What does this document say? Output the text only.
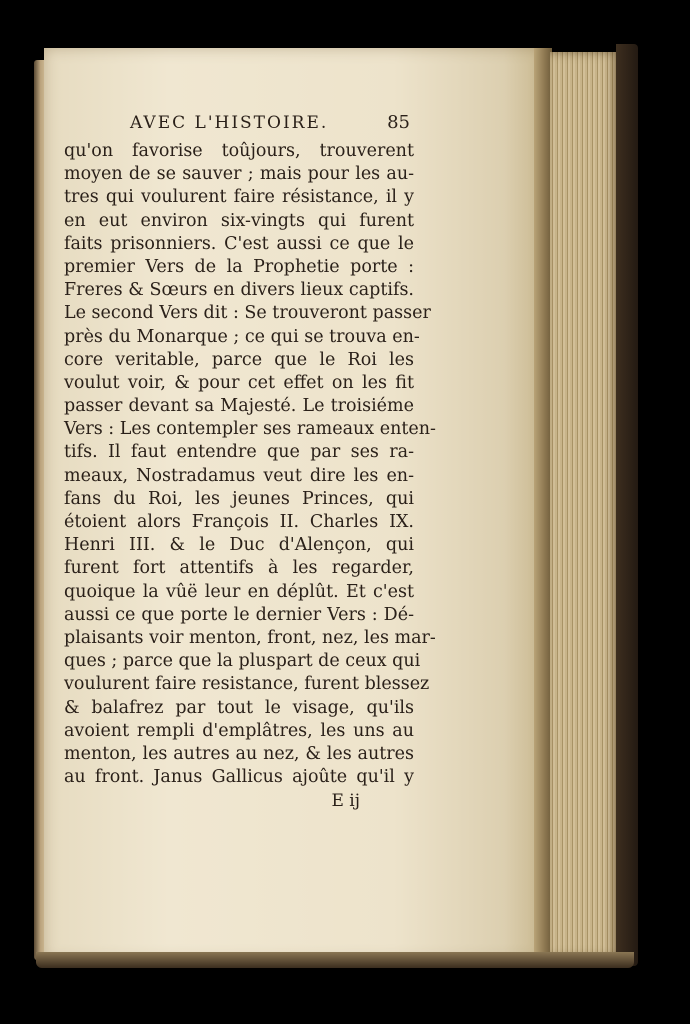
AVEC L'HISTOIRE.	85
qu'on favorise toûjours, trouverent
moyen de se sauver ; mais pour les au-
tres qui voulurent faire résistance, il y
en eut environ six-vingts qui furent
faits prisonniers. C'est aussi ce que le
premier Vers de la Prophetie porte :
Freres & Sœurs en divers lieux captifs.
Le second Vers dit : Se trouveront passer
près du Monarque ; ce qui se trouva en-
core veritable, parce que le Roi les
voulut voir, & pour cet effet on les fit
passer devant sa Majesté. Le troisiéme
Vers : Les contempler ses rameaux enten-
tifs. Il faut entendre que par ses ra-
meaux, Nostradamus veut dire les en-
fans du Roi, les jeunes Princes, qui
étoient alors François II. Charles IX.
Henri III. & le Duc d'Alençon, qui
furent fort attentifs à les regarder,
quoique la vûë leur en déplût. Et c'est
aussi ce que porte le dernier Vers : Dé-
plaisants voir menton, front, nez, les mar-
ques ; parce que la pluspart de ceux qui
voulurent faire resistance, furent blessez
& balafrez par tout le visage, qu'ils
avoient rempli d'emplâtres, les uns au
menton, les autres au nez, & les autres
au front. Janus Gallicus ajoûte qu'il y
E ij
